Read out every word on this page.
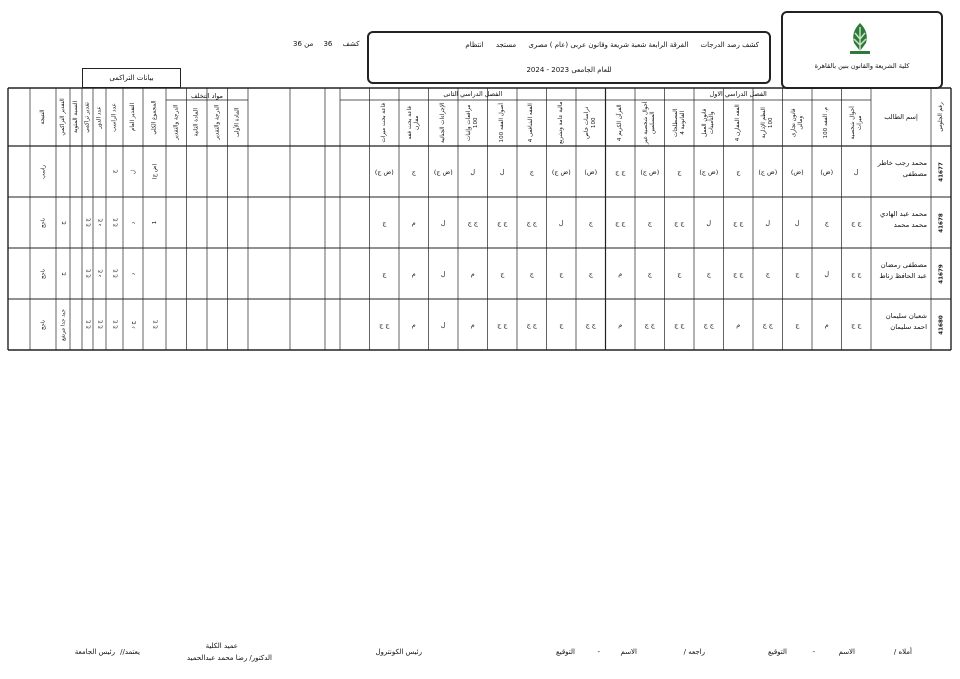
كلية الشريعة والقانون بنين بالقاهرة
كشف رصد الدرجات الفرقة الرابعة شعبة شريعة وقانون عربى (عام ) مصرى مستجد انتظام
للعام الجامعى 2023 - 2024
كشف 36 من 36
بيانات التراكمى
رقم الجلوس
إسم الطالب
الفصل الدراسي الاول
الفصل الدراسي الثانى
مواد التخلف
أحوال شخصية ميراث
م. الفقه 100
قانون تجارى ومالى
النظم الإدارية 100
الفقه المقارن 4
قانون العمل والتأمينات
المصطلحات القانونية 4
أحوال شخصية غير المسلمين
القرآن الكريم 4
دراسات خاص 100
مالية عامة وتشريع
الفقه الشافعى 4
أصول الفقه 100
مرافعات وإثبات 100
الإجراءات الجنائية
قاعة بحث فقه مقارن
قاعة بحث ميراث
المادة الأولى
الدرجة والتقدير
المادة الثانية
الدرجة والتقدير
المجموع الكلي
التقدير العام
عدد الراسب
عدد الدور
تقدير تراكمي
النسبة المئوية
التقدير التراكمي
النتيجة
41677
محمد رجب خاطر مصطفى
ل
(ض)
(ض)
(ض ج)
ج
(ض ج)
ج
(ض ج)
ج ج
(ض)
(ض ج)
ج
ل
ل
(ض ج)
ج
(ض ج)
(ض ج)
ل
ج
راسب
41678
محمد عبد الهادي محمد محمد
ج ج
ج
ل
ل
ج ج
ل
ج ج
ج
ج ج
ج
ل
ج ج
ج ج
ج ج
ل
م
ج
1
د
ج ج
ج د
ج ج
ج
ناجح
41679
مصطفى رمضان عبد الحافظ زناط
ج ج
ل
ج
ج
ج ج
ج
ج
ج
م
ج
ج
ج
ج
م
ل
م
ج
د
ج ج
ج د
ج ج
ج
ناجح
41680
شعبان سليمان احمد سليمان
ج ج
م
ج
ج ج
م
ج ج
ج ج
ج ج
م
ج ج
ج
ج ج
ج ج
م
ل
م
ج ج
ج ج
ج د
ج ج
ج ج
ج ج
جيد جدا مرتفع
ناجح
أملاه /
الاسم
-
التوقيع
راجعه /
الاسم
-
التوقيع
رئيس الكونترول
عميد الكلية
الدكتور/ رضا محمد عبدالحميد
يعتمد//
رئيس الجامعة
